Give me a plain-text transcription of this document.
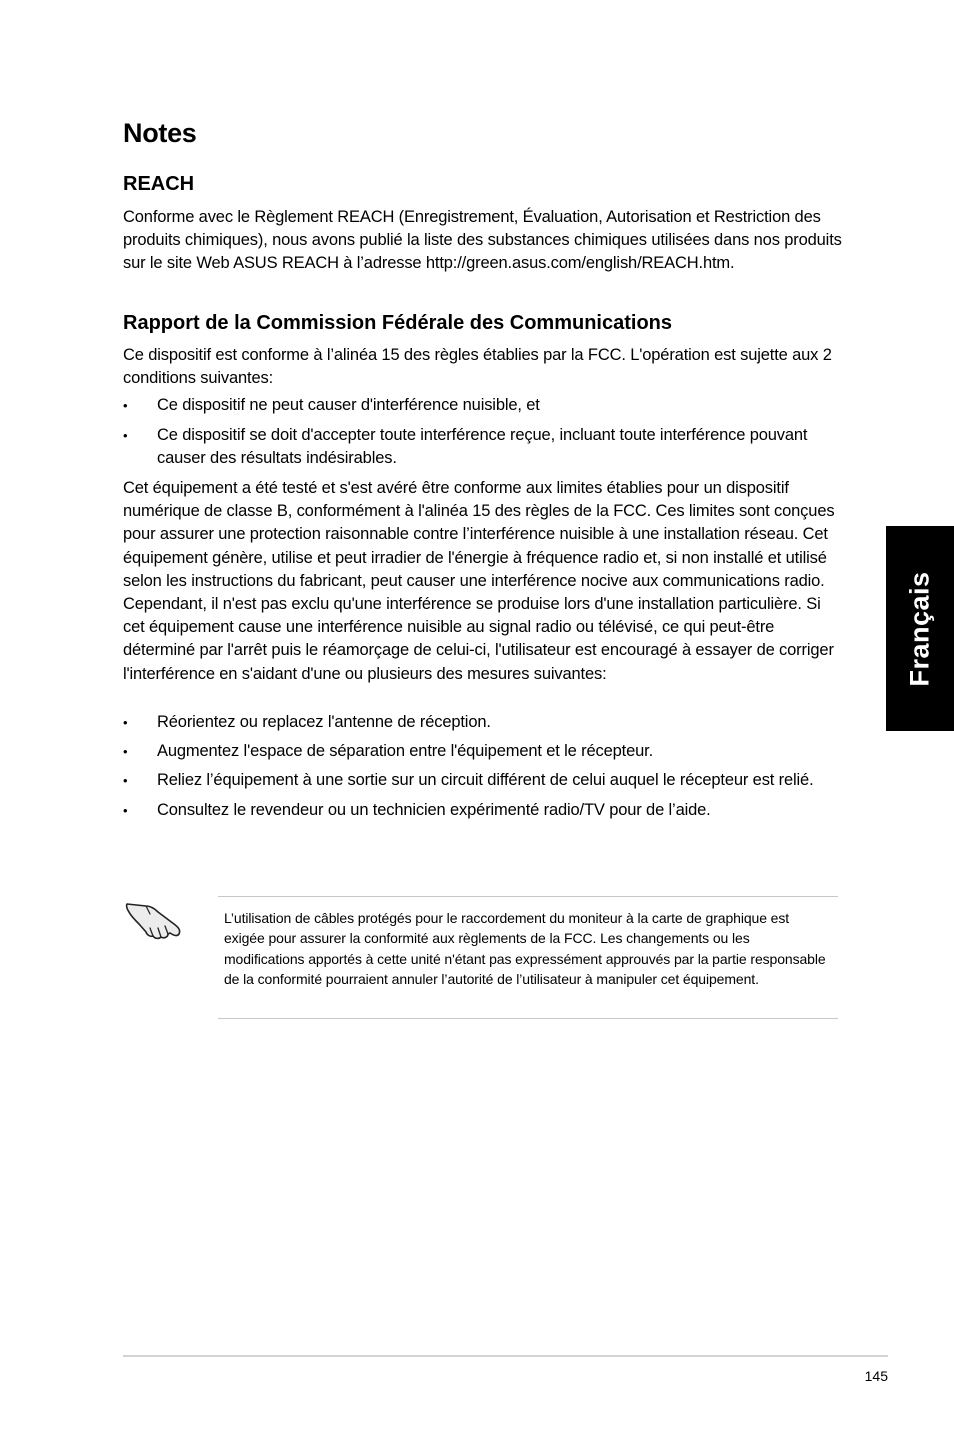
Notes
REACH

Conforme avec le Règlement REACH (Enregistrement, Évaluation, Autorisation et Restriction des produits chimiques), nous avons publié la liste des substances chimiques utilisées dans nos produits sur le site Web ASUS REACH à l’adresse http://green.asus.com/english/REACH.htm.

Rapport de la Commission Fédérale des Communications

Ce dispositif est conforme à l’alinéa 15 des règles établies par la FCC. L'opération est sujette aux 2 conditions suivantes:

•	Ce dispositif ne peut causer d'interférence nuisible, et
•	Ce dispositif se doit d'accepter toute interférence reçue, incluant toute interférence pouvant causer des résultats indésirables.

Cet équipement a été testé et s'est avéré être conforme aux limites établies pour un dispositif numérique de classe B, conformément à l'alinéa 15 des règles de la FCC. Ces limites sont conçues pour assurer une protection raisonnable contre l’interférence nuisible à une installation réseau. Cet équipement génère, utilise et peut irradier de l'énergie à fréquence radio et, si non installé et utilisé selon les instructions du fabricant, peut causer une interférence nocive aux communications radio. Cependant, il n'est pas exclu qu'une interférence se produise lors d'une installation particulière. Si cet équipement cause une interférence nuisible au signal radio ou télévisé, ce qui peut-être déterminé par l'arrêt puis le réamorçage de celui-ci, l'utilisateur est encouragé à essayer de corriger l'interférence en s'aidant d'une ou plusieurs des mesures suivantes:

•	Réorientez ou replacez l'antenne de réception.
•	Augmentez l'espace de séparation entre l'équipement et le récepteur.
•	Reliez l’équipement à une sortie sur un circuit différent de celui auquel le récepteur est relié.
•	Consultez le revendeur ou un technicien expérimenté radio/TV pour de l’aide.

L’utilisation de câbles protégés pour le raccordement du moniteur à la carte de graphique est exigée pour assurer la conformité aux règlements de la FCC. Les changements ou les modifications apportés à cette unité n'étant pas expressément approuvés par la partie responsable de la conformité pourraient annuler l’autorité de l’utilisateur à manipuler cet équipement.

Français
145
